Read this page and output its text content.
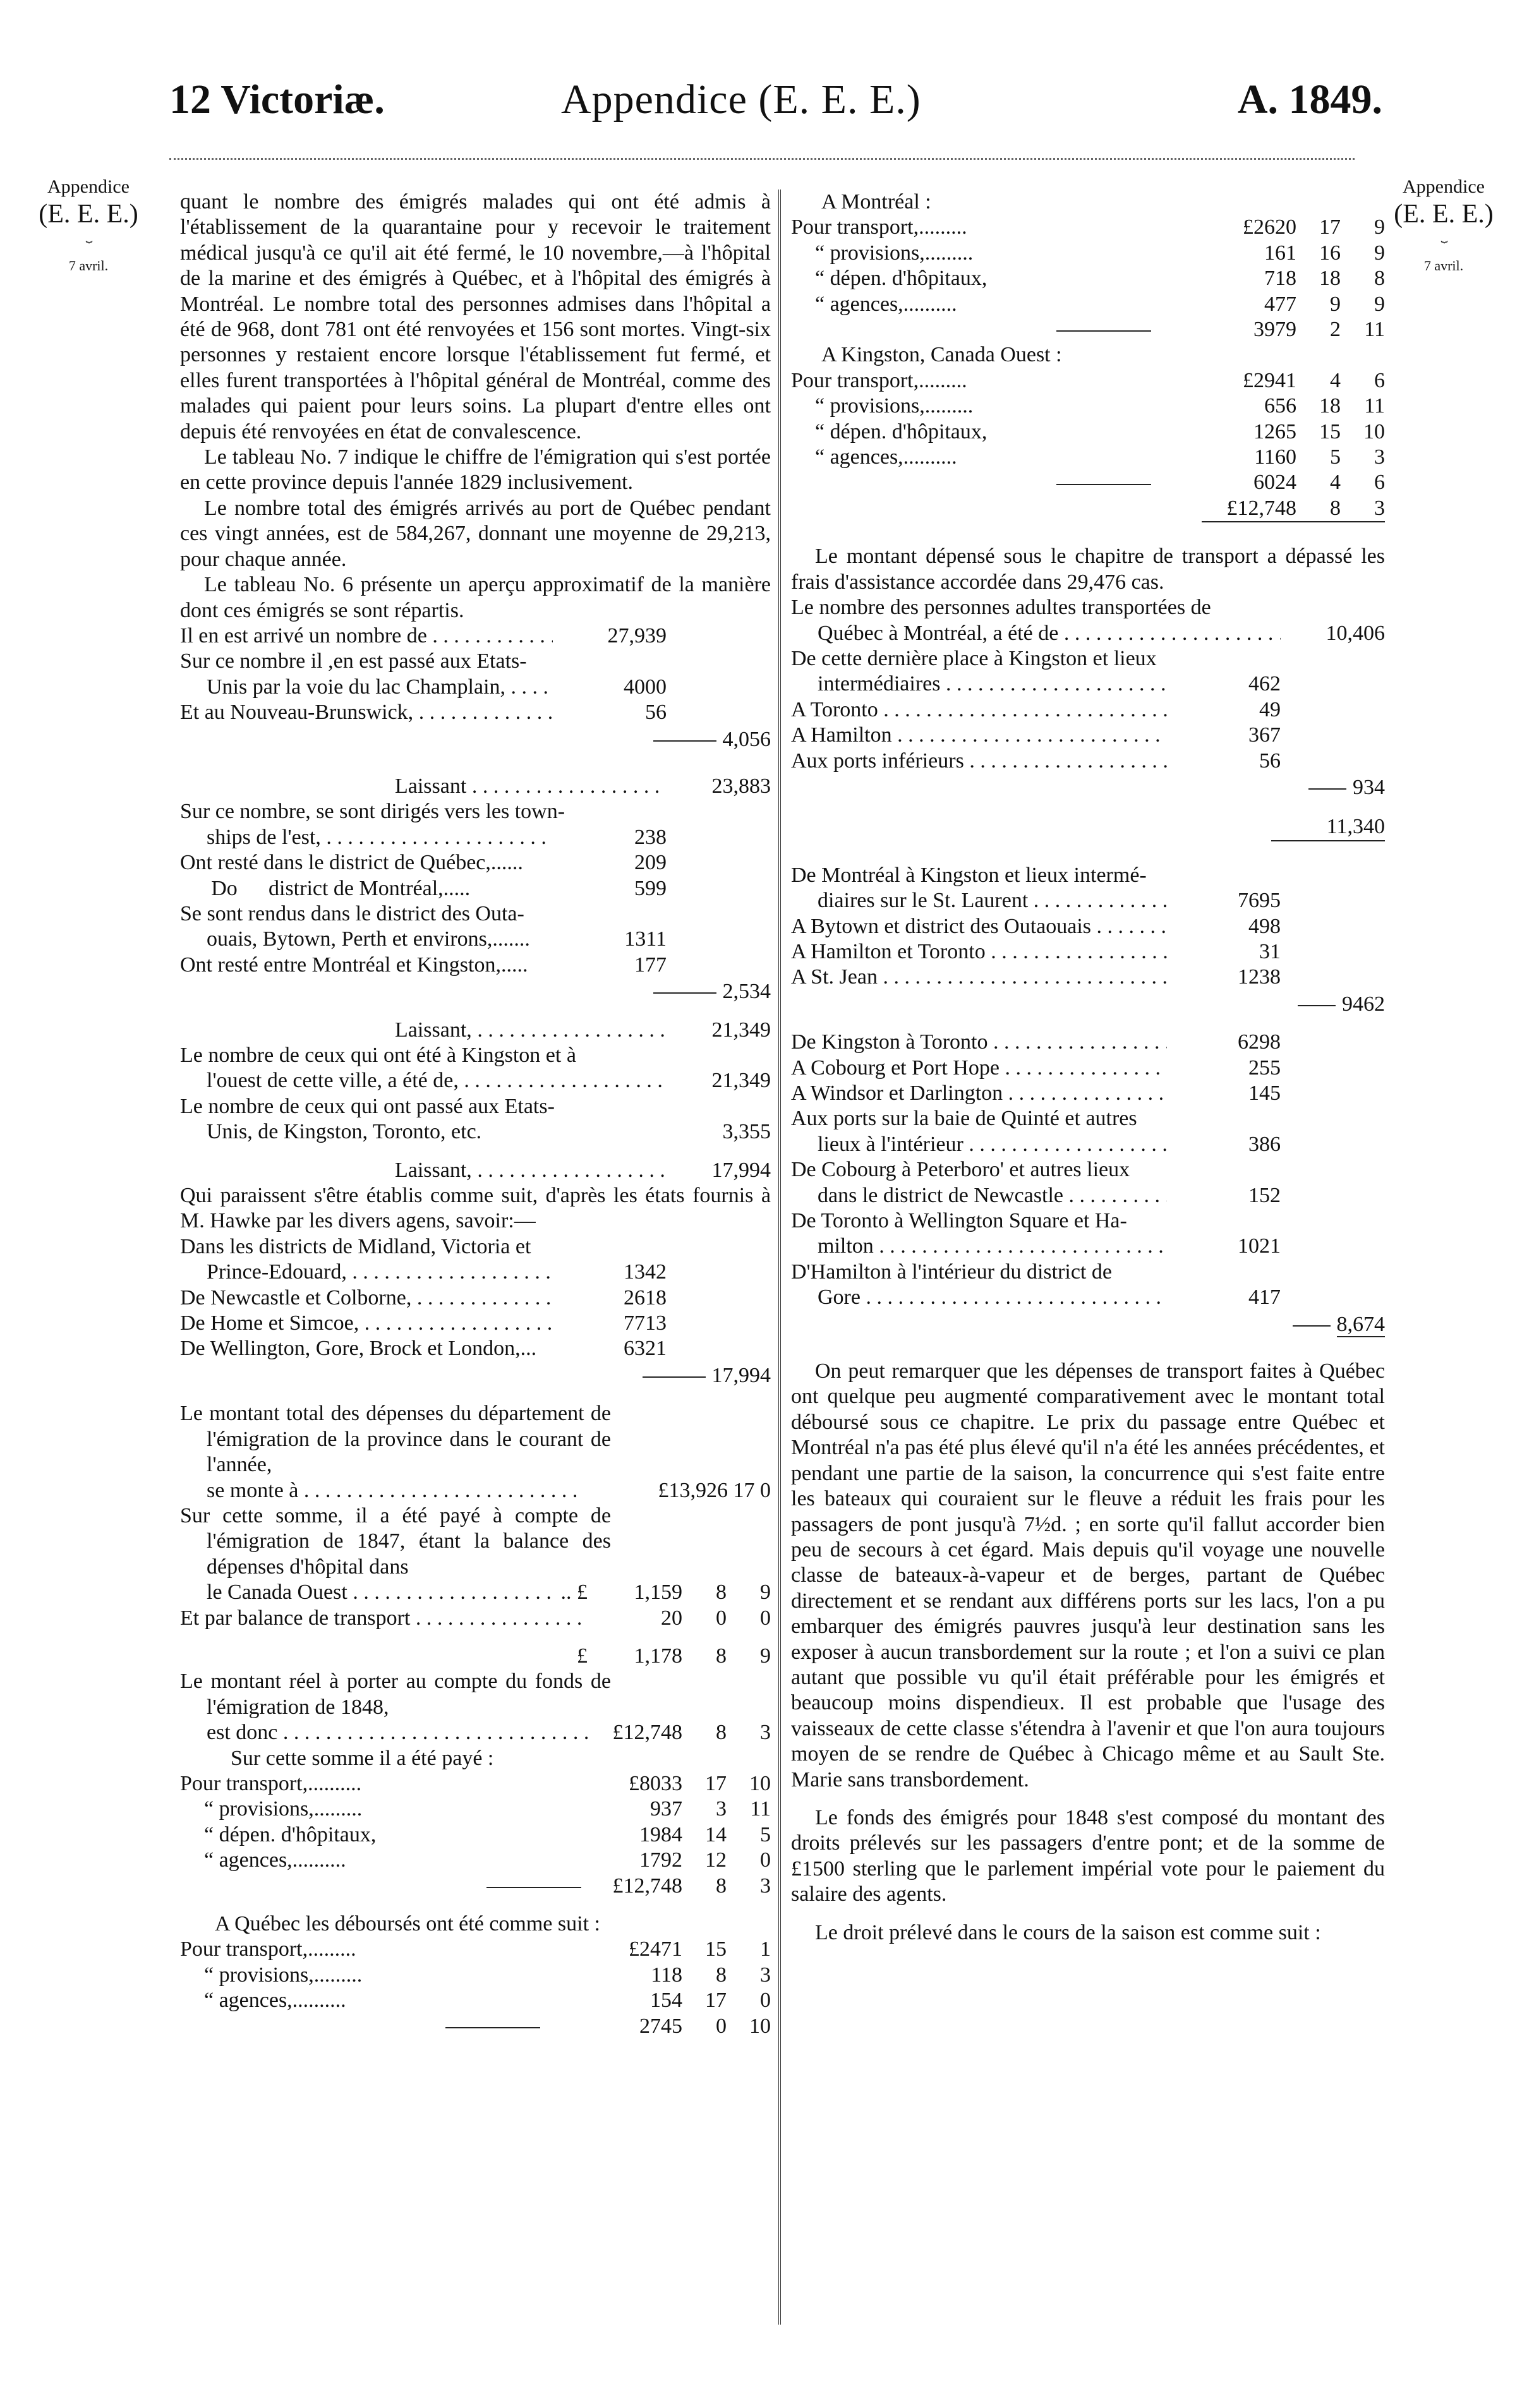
12 Victoriæ.	Appendice (E. E. E.)	A. 1849.
Appendice
(E. E. E.)
⏟
7 avril.
Appendice
(E. E. E.)
⏟
7 avril.

quant le nombre des émigrés malades qui ont été admis à l'établissement de la quarantaine pour y recevoir le traitement médical jusqu'à ce qu'il ait été fermé, le 10 novembre,—à l'hôpital de la marine et des émigrés à Québec, et à l'hôpital des émigrés à Montréal. Le nombre total des personnes admises dans l'hôpital a été de 968, dont 781 ont été renvoyées et 156 sont mortes. Vingt-six personnes y restaient encore lorsque l'établissement fut fermé, et elles furent transportées à l'hôpital général de Montréal, comme des malades qui paient pour leurs soins. La plupart d'entre elles ont depuis été renvoyées en état de convalescence.

Le tableau No. 7 indique le chiffre de l'émigration qui s'est portée en cette province depuis l'année 1829 inclusivement.

Le nombre total des émigrés arrivés au port de Québec pendant ces vingt années, est de 584,267, donnant une moyenne de 29,213, pour chaque année.

Le tableau No. 6 présente un aperçu approximatif de la manière dont ces émigrés se sont répartis.

Il en est arrivé un nombre de . . .	27,939
Sur ce nombre il ,en est passé aux Etats-
Unis par la voie du lac Champlain, . . .	4000
Et au Nouveau-Brunswick, . . .	56
4,056
Laissant . . .	23,883
Sur ce nombre, se sont dirigés vers les town-
ships de l'est, . . .	238
Ont resté dans le district de Québec,......	209
Do	district de Montréal,.....	599
Se sont rendus dans le district des Outa-
ouais, Bytown, Perth et environs,.......	1311
Ont resté entre Montréal et Kingston,.....	177
2,534
Laissant, . . .	21,349
Le nombre de ceux qui ont été à Kingston et à
l'ouest de cette ville, a été de, . . .	21,349
Le nombre de ceux qui ont passé aux Etats-
Unis, de Kingston, Toronto, etc.	3,355
Laissant, . . .	17,994

Qui paraissent s'être établis comme suit, d'après les états fournis à M. Hawke par les divers agens, savoir:—

Dans les districts de Midland, Victoria et
Prince-Edouard, . . .	1342
De Newcastle et Colborne, . . .	2618
De Home et Simcoe, . . .	7713
De Wellington, Gore, Brock et London,...	6321
17,994
Le montant total des dépenses du département de l'émigration de la province dans le courant de l'année,
se monte à . . .	£13,926 17 0
Sur cette somme, il a été payé à compte de l'émigration de 1847, étant la balance des dépenses d'hôpital dans
le Canada Ouest . . .	.. £	1,159	8	9
Et par balance de transport . . .	20	0	0
£	1,178	8	9
Le montant réel à porter au compte du fonds de l'émigration de 1848,
est donc . . .	£12,748	8	3
Sur cette somme il a été payé :
Pour transport,..........	£8033	17	10
“ provisions,.........	937	3	11
“ dépen. d'hôpitaux,	1984	14	5
“ agences,..........	1792	12	0
£12,748	8	3
A Québec les déboursés ont été comme suit :
Pour transport,.........	£2471	15	1
“ provisions,.........	118	8	3
“ agences,..........	154	17	0
2745	0	10
A Montréal :
Pour transport,.........	£2620	17	9
“ provisions,.........	161	16	9
“ dépen. d'hôpitaux,	718	18	8
“ agences,..........	477	9	9
3979	2	11
A Kingston, Canada Ouest :
Pour transport,.........	£2941	4	6
“ provisions,.........	656	18	11
“ dépen. d'hôpitaux,	1265	15	10
“ agences,..........	1160	5	3
6024	4	6
£12,748	8	3

Le montant dépensé sous le chapitre de transport a dépassé les frais d'assistance accordée dans 29,476 cas.

Le nombre des personnes adultes transportées de
Québec à Montréal, a été de . . .	10,406
De cette dernière place à Kingston et lieux
intermédiaires . . .	462
A Toronto . . .	49
A Hamilton . . .	367
Aux ports inférieurs . . .	56
934
11,340
De Montréal à Kingston et lieux intermé-
diaires sur le St. Laurent . . .	7695
A Bytown et district des Outaouais . . .	498
A Hamilton et Toronto . . .	31
A St. Jean . . .	1238
9462
De Kingston à Toronto . . .	6298
A Cobourg et Port Hope . . .	255
A Windsor et Darlington . . .	145
Aux ports sur la baie de Quinté et autres
lieux à l'intérieur . . .	386
De Cobourg à Peterboro' et autres lieux
dans le district de Newcastle . . .	152
De Toronto à Wellington Square et Ha-
milton . . .	1021
D'Hamilton à l'intérieur du district de
Gore . . .	417
8,674

On peut remarquer que les dépenses de transport faites à Québec ont quelque peu augmenté comparativement avec le montant total déboursé sous ce chapitre. Le prix du passage entre Québec et Montréal n'a pas été plus élevé qu'il n'a été les années précédentes, et pendant une partie de la saison, la concurrence qui s'est faite entre les bateaux qui couraient sur le fleuve a réduit les frais pour les passagers de pont jusqu'à 7½d. ; en sorte qu'il fallut accorder bien peu de secours à cet égard. Mais depuis qu'il voyage une nouvelle classe de bateaux-à-vapeur et de berges, partant de Québec directement et se rendant aux différens ports sur les lacs, l'on a pu embarquer des émigrés pauvres jusqu'à leur destination sans les exposer à aucun transbordement sur la route ; et l'on a suivi ce plan autant que possible vu qu'il était préférable pour les émigrés et beaucoup moins dispendieux. Il est probable que l'usage des vaisseaux de cette classe s'étendra à l'avenir et que l'on aura toujours moyen de se rendre de Québec à Chicago même et au Sault Ste. Marie sans transbordement.

Le fonds des émigrés pour 1848 s'est composé du montant des droits prélevés sur les passagers d'entre pont; et de la somme de £1500 sterling que le parlement impérial vote pour le paiement du salaire des agents.

Le droit prélevé dans le cours de la saison est comme suit :
